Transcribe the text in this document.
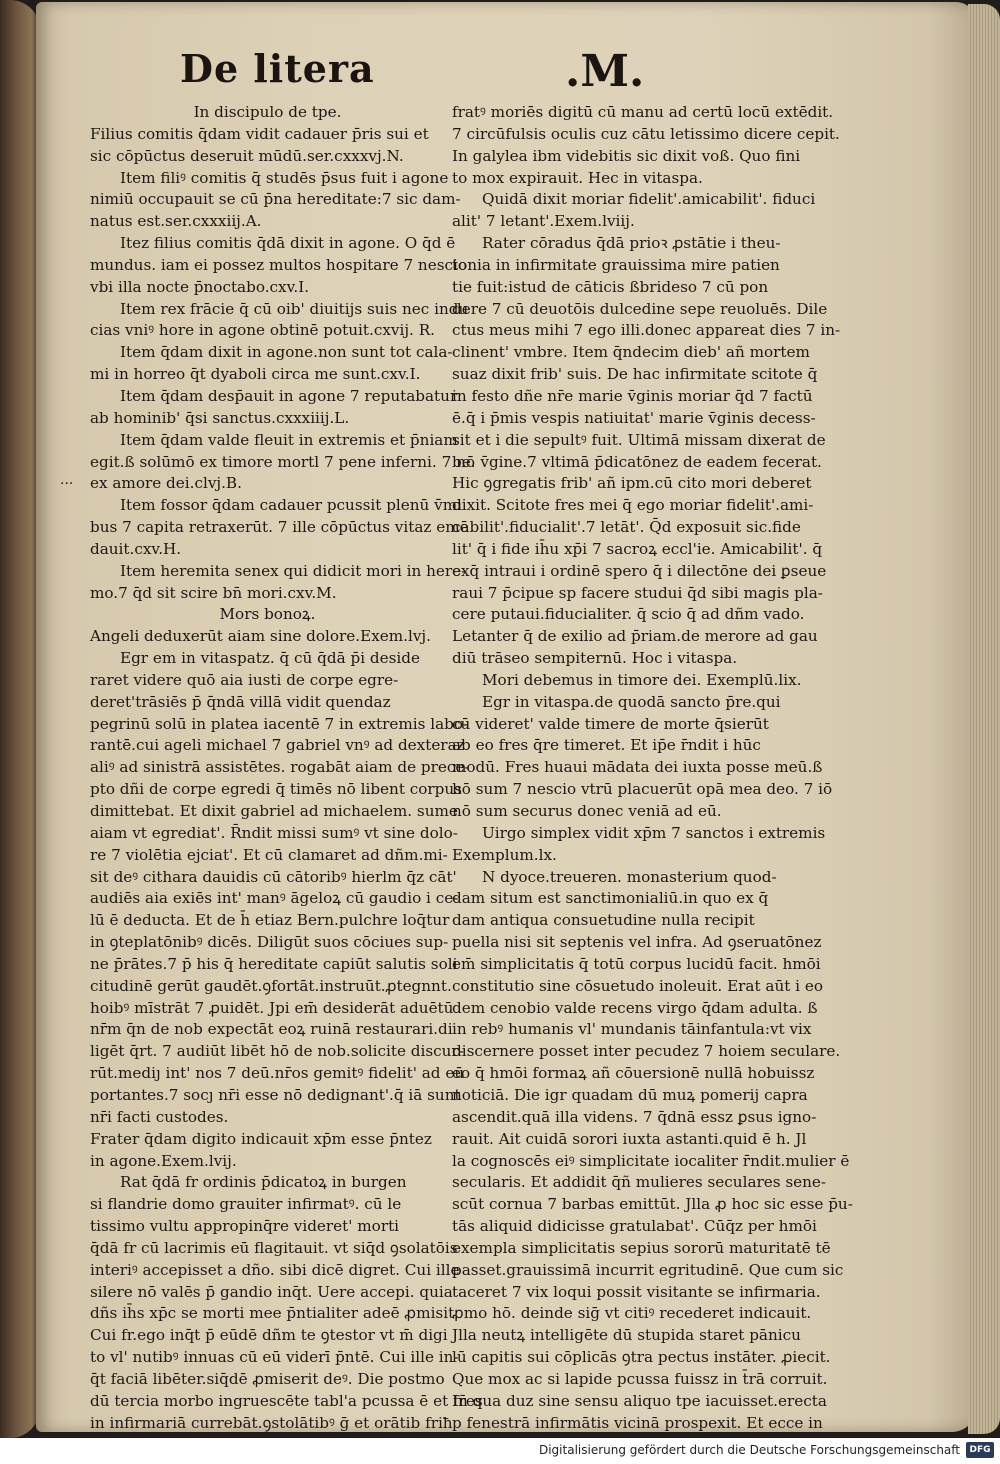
De litera	.M.
...
In discipulo de tpe.
Filius comitis q̄dam vidit cadauer p̄ris sui et
sic cōpūctus deseruit mūdū.ser.cxxxvj.N.
Item filiꝰ comitis q̄ studēs p̄sus fuit i agone
nimiū occupauit se cū p̄na hereditate:7 sic dam-
natus est.ser.cxxxiij.A.
Itez filius comitis q̄dā dixit in agone. O q̄d ē
mundus. iam ei possez multos hospitare 7 nescio
vbi illa nocte p̄noctabo.cxv.I.
Item rex frācie q̄ cū oib' diuitijs suis nec indu
cias vniꝰ hore in agone obtinē potuit.cxvij. R.
Item q̄dam dixit in agone.non sunt tot cala-
mi in horreo q̄t dyaboli circa me sunt.cxv.I.
Item q̄dam desp̄auit in agone 7 reputabatur
ab hominib' q̄si sanctus.cxxxiiij.L.
Item q̄dam valde fleuit in extremis et p̄niam
egit.ß solūmō ex timore mortl 7 pene inferni. 7 nō
ex amore dei.clvj.B.
Item fossor q̄dam cadauer pcussit plenū v̄mi
bus 7 capita retraxerūt. 7 ille cōpūctus vitaz emē
dauit.cxv.H.
Item heremita senex qui didicit mori in here-
mo.7 q̄d sit scire bn̄ mori.cxv.M.
Mors bonoꝝ.
Angeli deduxerūt aiam sine dolore.Exem.lvj.
Egr em in vitaspatz. q̄ cū q̄dā p̄i deside
raret videre quō aia iusti de corpe egre-
deret'trāsiēs p̄ q̄ndā villā vidit quendaz
pegrinū solū in platea iacentē 7 in extremis labo-
rantē.cui ageli michael 7 gabriel vnꝰ ad dexteraz
aliꝰ ad sinistrā assistētes. rogabāt aiam de prece-
pto dñi de corpe egredi q̄ timēs nō libent corpus
dimittebat. Et dixit gabriel ad michaelem. sume
aiam vt egrediat'. R̄ndit missi sumꝰ vt sine dolo-
re 7 violētia ejciat'. Et cū clamaret ad dñm.mi-
sit deꝰ cithara dauidis cū cātoribꝰ hierlm q̄z cāt'
audiēs aia exiēs int' manꝰ āgeloꝝ cū gaudio i ce-
lū ē deducta. Et de h̄ etiaz Bern.pulchre loq̄tur
in ꝯteplatōnibꝰ dicēs. Diligūt suos cōciues sup-
ne p̄rātes.7 p̄ his q̄ hereditate capiūt salutis soli
citudinē gerūt gaudēt.ꝯfortāt.instruūt.ꝓtegnnt.
hoibꝰ mīstrāt 7 ꝓuidēt. Jpi em̄ desiderāt aduētū
nr̄m q̄n de nob expectāt eoꝝ ruinā restaurari.di
ligēt q̄rt. 7 audiūt libēt hō de nob.solicite discur-
rūt.mediȷ int' nos 7 deū.nr̄os gemitꝰ fidelit' ad eū
portantes.7 socȷ nr̄i esse nō dedignant'.q̄ iā sunt
nr̄i facti custodes.
Frater q̄dam digito indicauit xp̄m esse p̄ntez
in agone.Exem.lvij.
Rat q̄dā fr ordinis p̄dicatoꝝ in burgen
si flandrie domo grauiter infirmatꝰ. cū le
tissimo vultu appropinq̄re videret' morti
q̄dā fr cū lacrimis eū flagitauit. vt siq̄d ꝯsolatōis
interiꝰ accepisset a dño. sibi dicē digret. Cui ille
silere nō valēs p̄ gandio inq̄t. Uere accepi. quia
dñs ih̄s xp̄c se morti mee p̄ntialiter adeē ꝓmisit.
Cui fr.ego inq̄t p̄ eūdē dñm te ꝯtestor vt m̄ digi
to vl' nutibꝰ innuas cū eū viderī p̄ntē. Cui ille in-
q̄t faciā libēter.siq̄dē ꝓmiserit deꝰ. Die postmo
dū tercia morbo ingruescēte tabl'a pcussa ē et fr̄es
in infirmariā currebāt.ꝯstolātibꝰ ḡ et orātib friħ
fratꝰ moriēs digitū cū manu ad certū locū extēdit.
7 circūfulsis oculis cuz cātu letissimo dicere cepit.
In galylea ibm videbitis sic dixit voß. Quo fini
to mox expirauit. Hec in vitaspa.
Quidā dixit moriar fidelit'.amicabilit'. fiduci
alit' 7 letant'.Exem.lviij.
Rater cōradus q̄dā prioꝛ ꝓstātie i theu-
tonia in infirmitate grauissima mire patien
tie fuit:istud de cāticis ßbrideso 7 cū pon
dere 7 cū deuotōis dulcedine sepe reuoluēs. Dile
ctus meus mihi 7 ego illi.donec appareat dies 7 in-
clinent' vmbre. Item q̄ndecim dieb' añ mortem
suaz dixit frib' suis. De hac infirmitate scitote q̄
in festo dñe nr̄e marie v̄ginis moriar q̄d 7 factū
ē.q̄ i p̄mis vespis natiuitat' marie v̄ginis decess-
sit et i die sepultꝰ fuit. Ultimā missam dixerat de
be. v̄gine.7 vltimā p̄dicatōnez de eadem fecerat.
Hic ꝯgregatis frib' añ ipm.cū cito mori deberet
dixit. Scitote fres mei q̄ ego moriar fidelit'.ami-
cabilit'.fiducialit'.7 letāt'. Q̄d exposuit sic.fide
lit' q̄ i fide ih̄u xp̄i 7 sacroꝝ eccl'ie. Amicabilit'. q̄
exq̄ intraui i ordinē spero q̄ i dilectōne dei ꝑseue
raui 7 p̄cipue sp facere studui q̄d sibi magis pla-
cere putaui.fiducialiter. q̄ scio q̄ ad dñm vado.
Letanter q̄ de exilio ad p̄riam.de merore ad gau
diū trāseo sempiternū. Hoc i vitaspa.
Mori debemus in timore dei. Exemplū.lix.
Egr in vitaspa.de quodā sancto p̄re.qui
cū videret' valde timere de morte q̄sierūt
ab eo fres q̄re timeret. Et ip̄e r̄ndit i hūc
modū. Fres huaui mādata dei iuxta posse meū.ß
hō sum 7 nescio vtrū placuerūt opā mea deo. 7 iō
nō sum securus donec veniā ad eū.
Uirgo simplex vidit xp̄m 7 sanctos i extremis
Exemplum.lx.
N dyoce.treueren. monasterium quod-
dam situm est sanctimonialiū.in quo ex q̄
dam antiqua consuetudine nulla recipit
puella nisi sit septenis vel infra. Ad ꝯseruatōnez
em̄ simplicitatis q̄ totū corpus lucidū facit. hmōi
constitutio sine cōsuetudo inoleuit. Erat aūt i eo
dem cenobio valde recens virgo q̄dam adulta. ß
in rebꝰ humanis vl' mundanis tāinfantula:vt vix
discernere posset inter pecudez 7 hoiem seculare.
eo q̄ hmōi formaꝝ añ cōuersionē nullā hobuissz
noticiā. Die igr quadam dū muꝝ pomerij capra
ascendit.quā illa videns. 7 q̄dnā essz ꝑsus igno-
rauit. Ait cuidā sorori iuxta astanti.quid ē h. Jl
la cognoscēs eiꝰ simplicitate iocaliter r̄ndit.mulier ē
secularis. Et addidit q̄ñ mulieres seculares sene-
scūt cornua 7 barbas emittūt. Jlla ꝓ hoc sic esse p̄u-
tās aliquid didicisse gratulabat'. Cūq̄z per hmōi
exempla simplicitatis sepius sororū maturitatē tē
passet.grauissimā incurrit egritudinē. Que cum sic
taceret 7 vix loqui possit visitante se infirmaria.
ꝓmo hō. deinde siḡ vt citiꝰ recederet indicauit.
Jlla neutꝝ intelligēte dū stupida staret pānicu
lū capitis sui cōplicās ꝯtra pectus instāter. ꝓiecit.
Que mox ac si lapide pcussa fuissz in t̄rā corruit.
In qua duz sine sensu aliquo tpe iacuisset.erecta
p fenestrā infirmātis vicinā prospexit. Et ecce in
Digitalisierung gefördert durch die Deutsche Forschungsgemeinschaft	DFG
